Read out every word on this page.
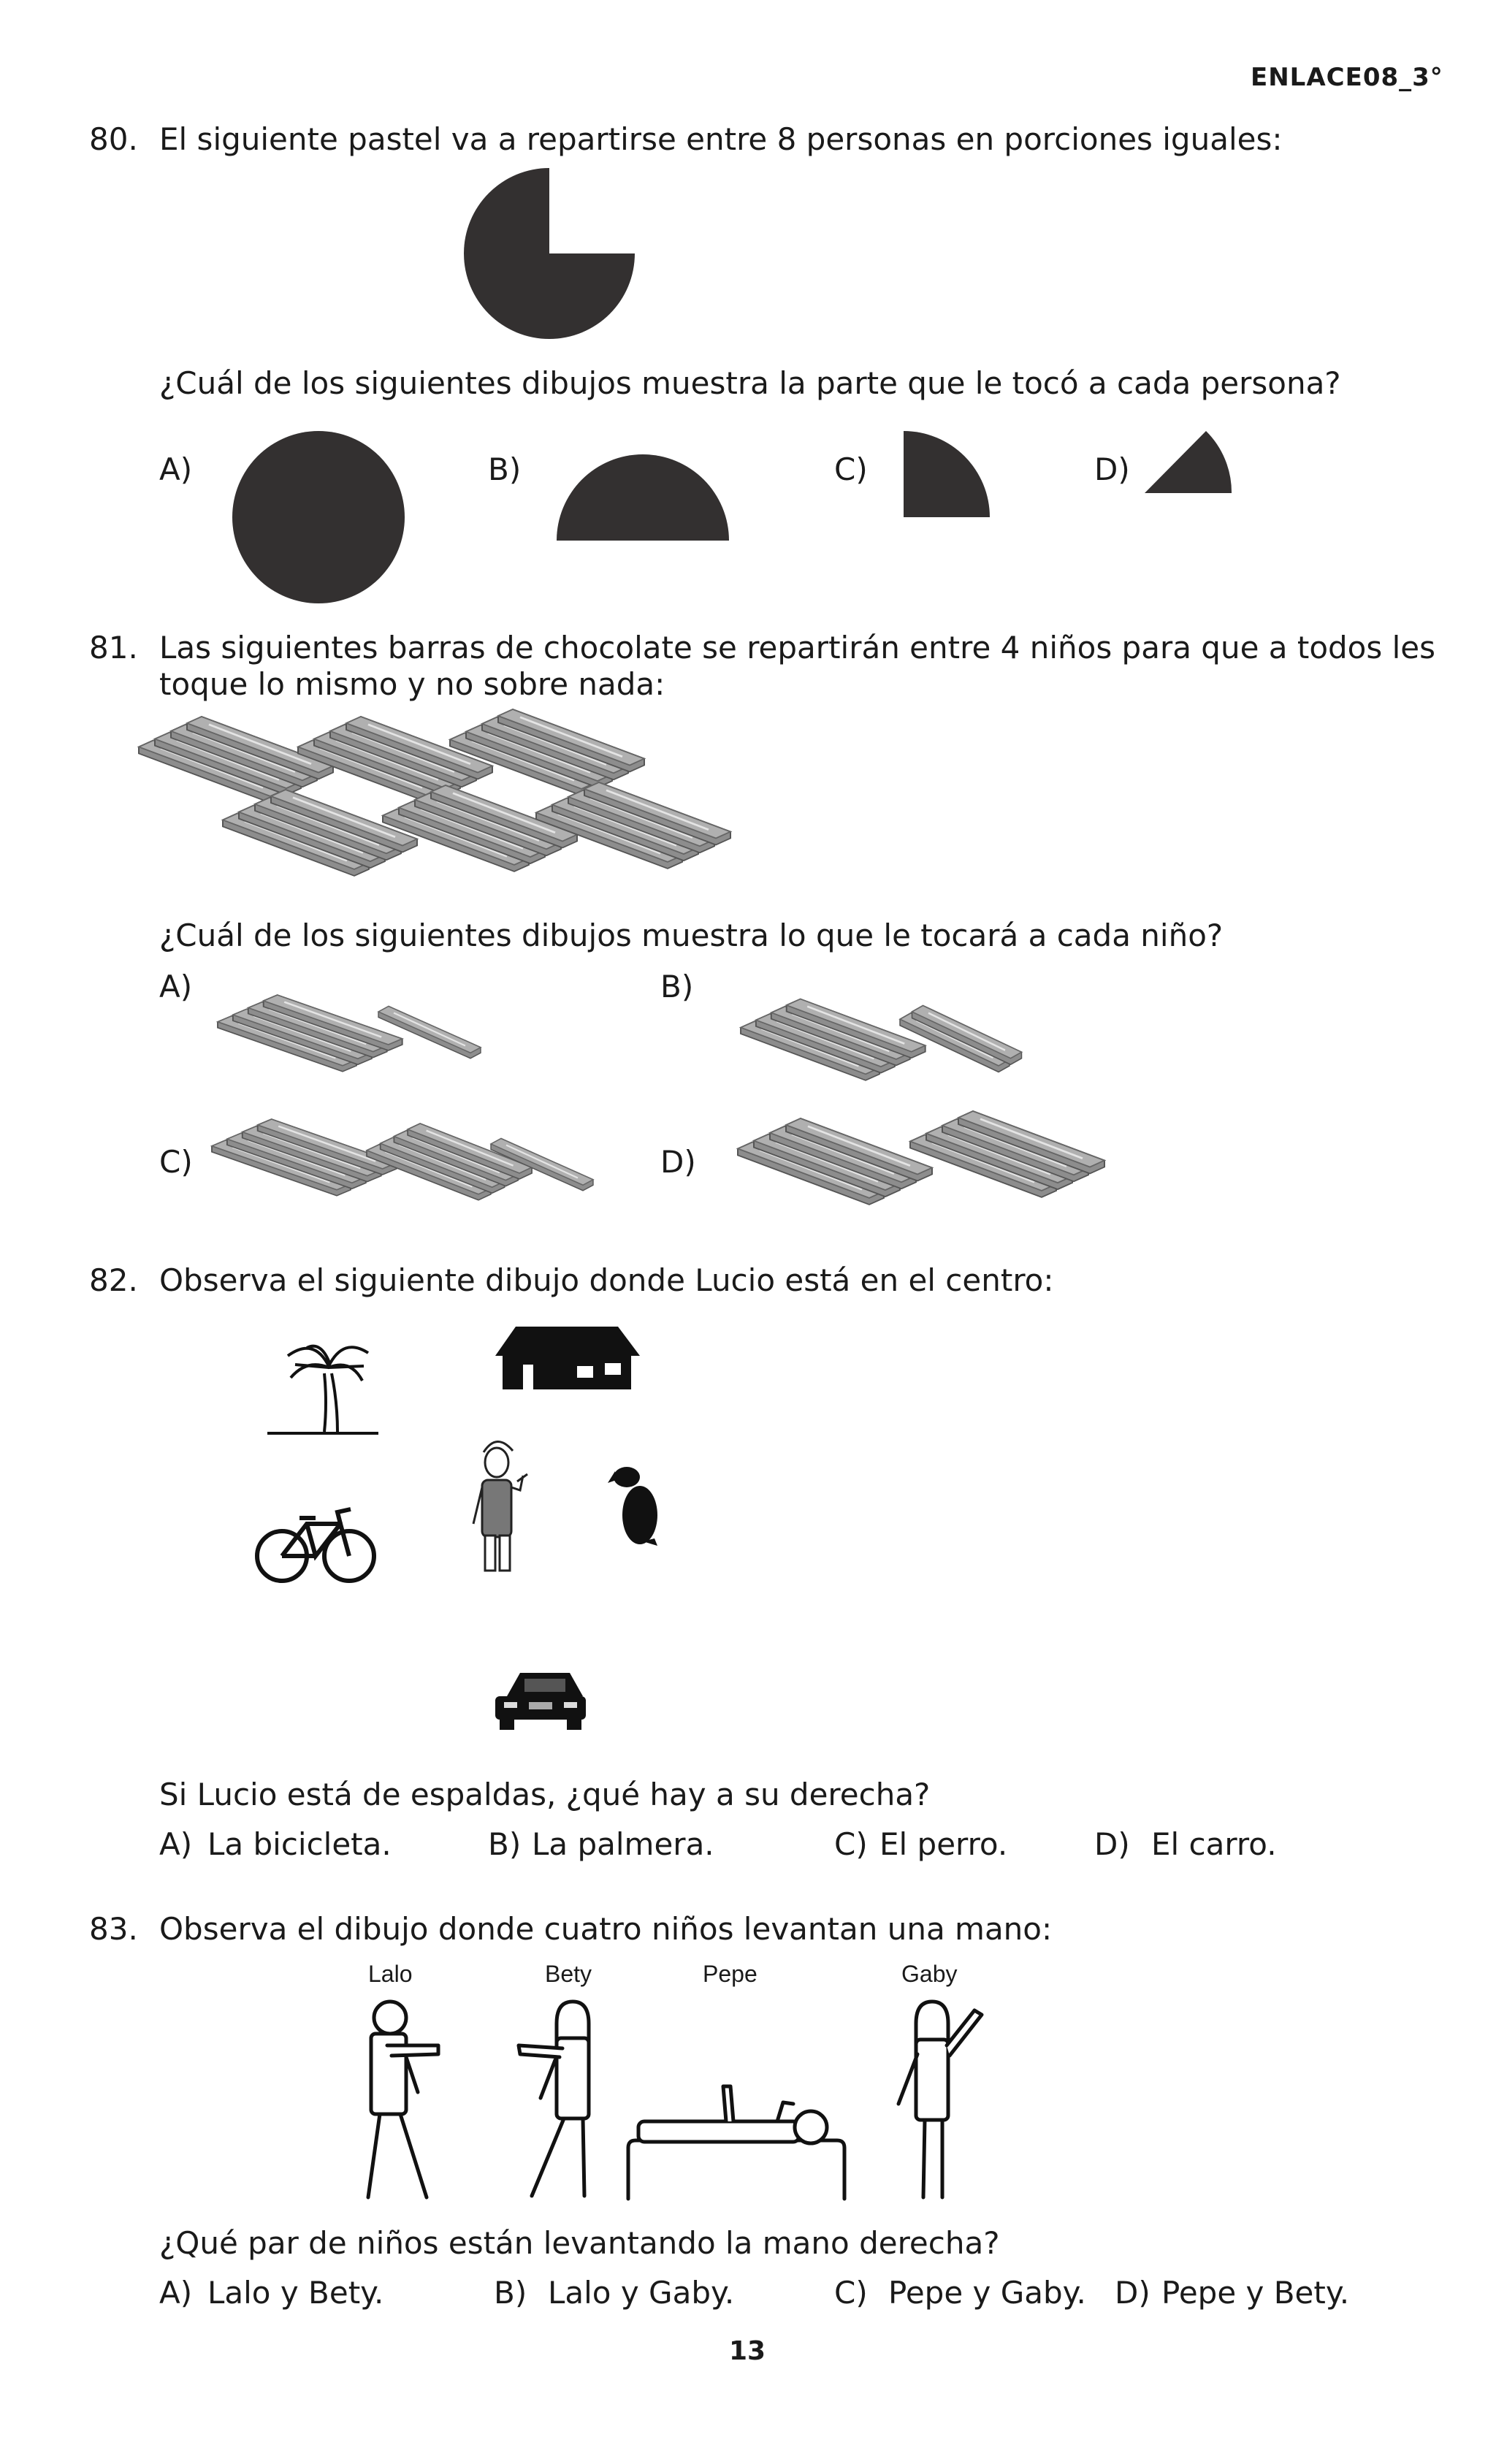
ENLACE08_3°
80. El siguiente pastel va a repartirse entre 8 personas en porciones iguales:
¿Cuál de los siguientes dibujos muestra la parte que le tocó a cada persona?
A)	B)	C)	D)
81. Las siguientes barras de chocolate se repartirán entre 4 niños para que a todos les
toque lo mismo y no sobre nada:
¿Cuál de los siguientes dibujos muestra lo que le tocará a cada niño?
A)	B)
C)	D)
82. Observa el siguiente dibujo donde Lucio está en el centro:
Si Lucio está de espaldas, ¿qué hay a su derecha?
A) La bicicleta.	B) La palmera.	C) El perro.	D) El carro.
83. Observa el dibujo donde cuatro niños levantan una mano:
Lalo	Bety	Pepe	Gaby
¿Qué par de niños están levantando la mano derecha?
A) Lalo y Bety.	B) Lalo y Gaby.	C) Pepe y Gaby. D) Pepe y Bety.
13
